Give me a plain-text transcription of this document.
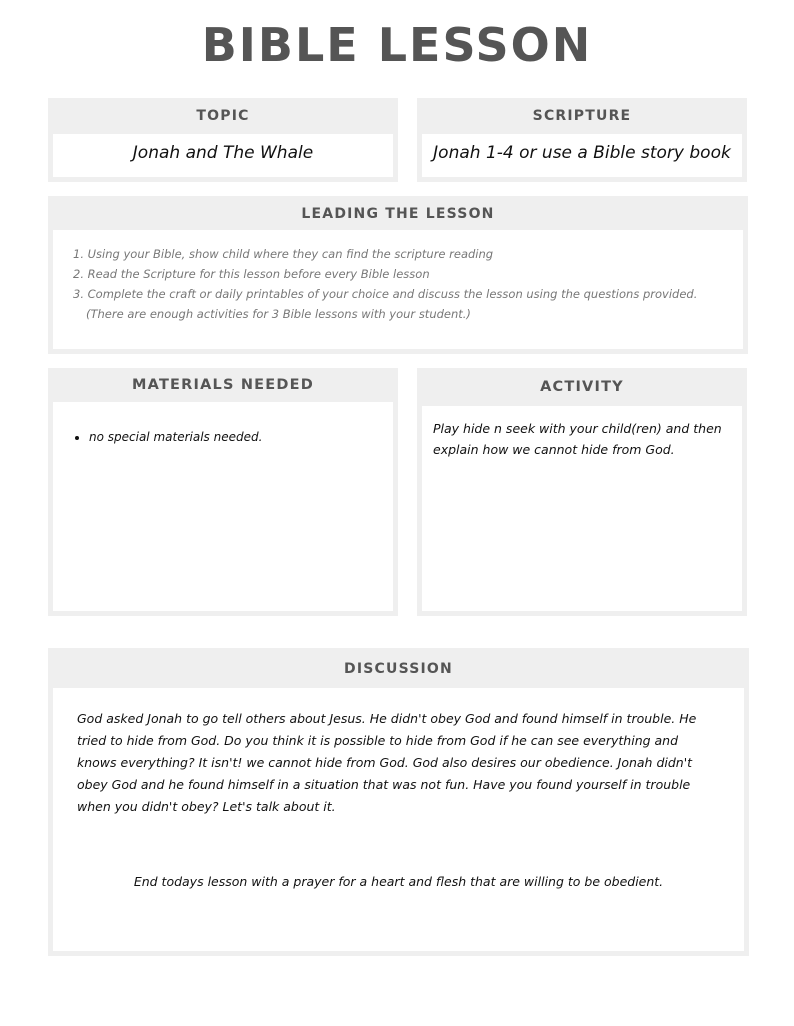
BIBLE LESSON
TOPIC
Jonah and The Whale
SCRIPTURE
Jonah 1-4 or use a Bible story book
LEADING THE LESSON
1. Using your Bible, show child where they can find the scripture reading
2. Read the Scripture for this lesson before every Bible lesson
3. Complete the craft or daily printables of your choice and discuss the lesson using the questions provided. (There are enough activities for 3 Bible lessons with your student.)
MATERIALS NEEDED
• no special materials needed.
ACTIVITY

Play hide n seek with your child(ren) and then explain how we cannot hide from God.

DISCUSSION

God asked Jonah to go tell others about Jesus. He didn't obey God and found himself in trouble. He tried to hide from God. Do you think it is possible to hide from God if he can see everything and knows everything? It isn't! we cannot hide from God. God also desires our obedience. Jonah didn't obey God and he found himself in a situation that was not fun. Have you found yourself in trouble when you didn't obey? Let's talk about it.

End todays lesson with a prayer for a heart and flesh that are willing to be obedient.
